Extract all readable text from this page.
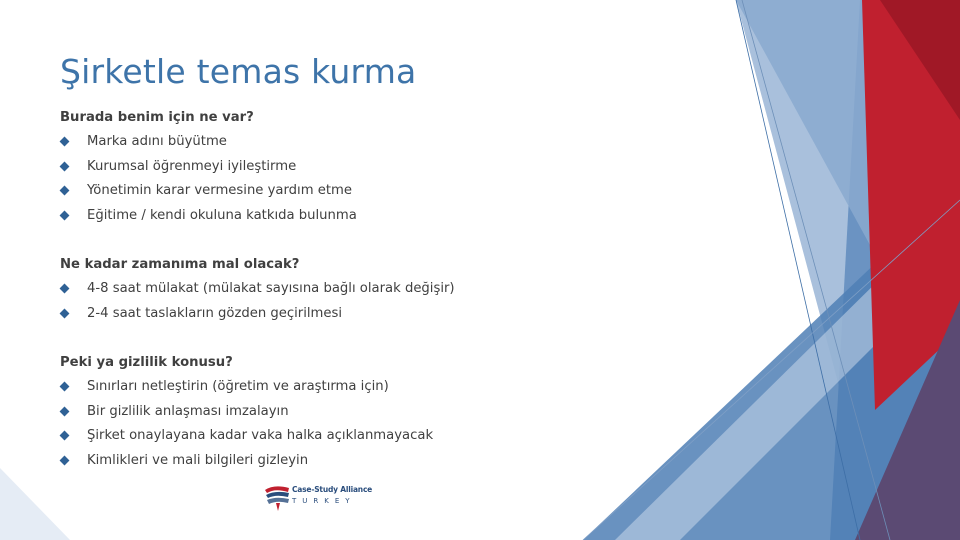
Şirketle temas kurma
Burada benim için ne var?
Marka adını büyütme
Kurumsal öğrenmeyi iyileştirme
Yönetimin karar vermesine yardım etme
Eğitime / kendi okuluna katkıda bulunma
Ne kadar zamanıma mal olacak?
4-8 saat mülakat (mülakat sayısına bağlı olarak değişir)
2-4 saat taslakların gözden geçirilmesi
Peki ya gizlilik konusu?
Sınırları netleştirin (öğretim ve araştırma için)
Bir gizlilik anlaşması imzalayın
Şirket onaylayana kadar vaka halka açıklanmayacak
Kimlikleri ve mali bilgileri gizleyin
Case-Study Alliance
TURKEY
